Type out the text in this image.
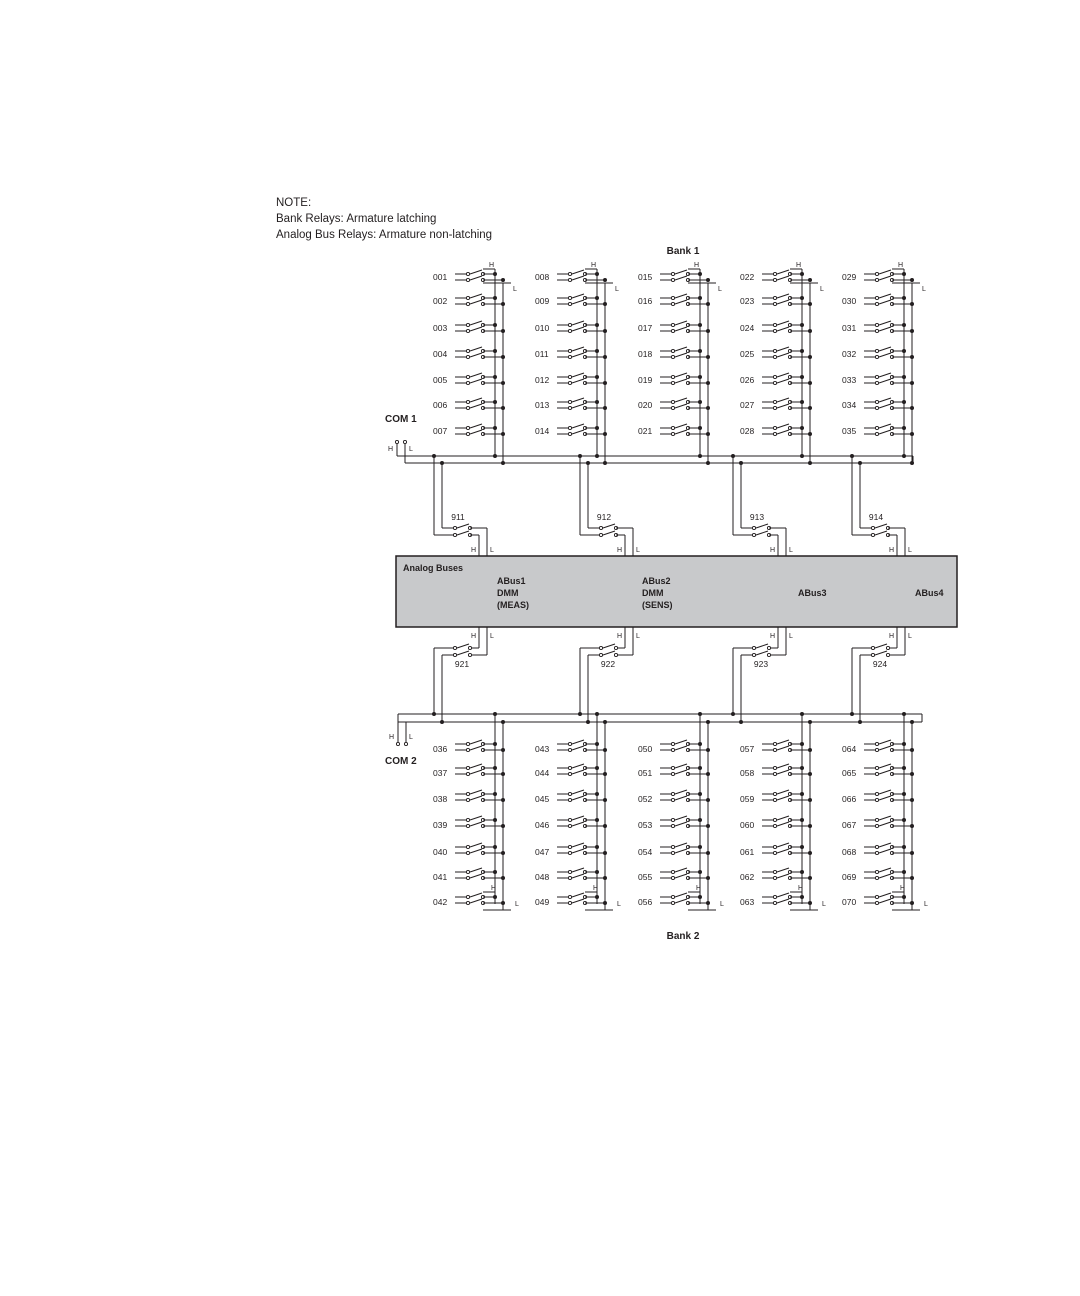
NOTE:
Bank Relays: Armature latching
Analog Bus Relays: Armature non-latching
Bank 1
H
L
001
002
003
004
005
006
007
H
L
008
009
010
011
012
013
014
H
L
015
016
017
018
019
020
021
H
L
022
023
024
025
026
027
028
H
L
029
030
031
032
033
034
035
COM 1
H L
Analog Buses
ABus1
DMM
(MEAS)
ABus2
DMM
(SENS)
ABus3	ABus4
911
H L
912
H L
913
H L
914
H L
921
H L
922
H L
923
H L
924
H L
H
L
036
037
038
039
040
041
042
H
L
043
044
045
046
047
048
049
H
L
050
051
052
053
054
055
056
H
L
057
058
059
060
061
062
063
H
L
064
065
066
067
068
069
070
Bank 2
H L
COM 2
